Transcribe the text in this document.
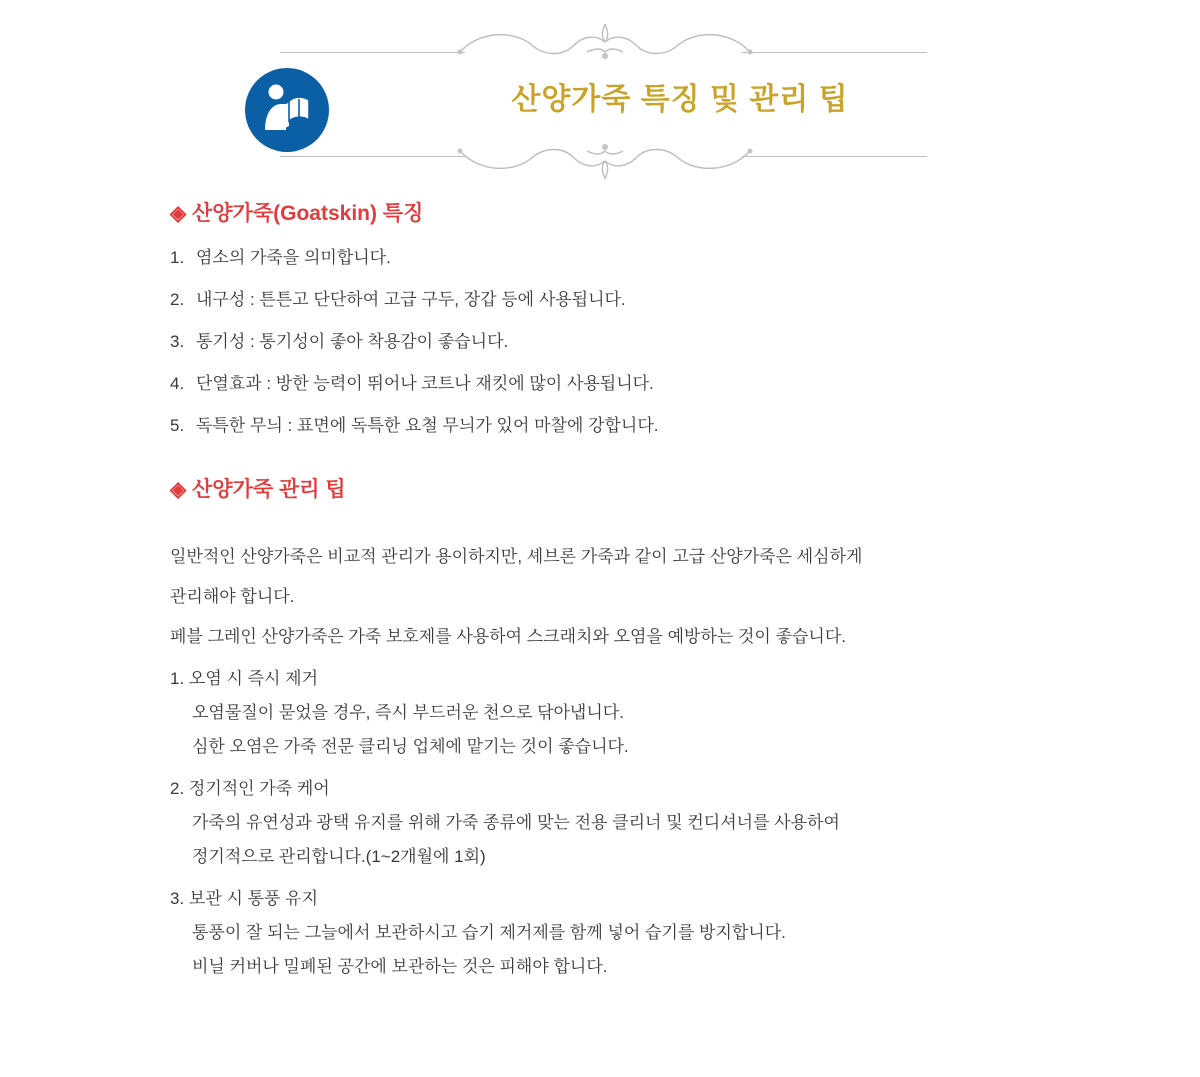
산양가죽 특징 및 관리 팁
◈ 산양가죽(Goatskin) 특징
1. 염소의 가죽을 의미합니다.
2. 내구성 : 튼튼고 단단하여 고급 구두, 장갑 등에 사용됩니다.
3. 통기성 : 통기성이 좋아 착용감이 좋습니다.
4. 단열효과 : 방한 능력이 뛰어나 코트나 재킷에 많이 사용됩니다.
5. 독특한 무늬 : 표면에 독특한 요철 무늬가 있어 마찰에 강합니다.
◈ 산양가죽 관리 팁

일반적인 산양가죽은 비교적 관리가 용이하지만, 셰브론 가죽과 같이 고급 산양가죽은 세심하게

관리해야 합니다.

페블 그레인 산양가죽은 가죽 보호제를 사용하여 스크래치와 오염을 예방하는 것이 좋습니다.

1. 오염 시 즉시 제거
오염물질이 묻었을 경우, 즉시 부드러운 천으로 닦아냅니다.
심한 오염은 가죽 전문 클리닝 업체에 맡기는 것이 좋습니다.
2. 정기적인 가죽 케어
가죽의 유연성과 광택 유지를 위해 가죽 종류에 맞는 전용 클리너 및 컨디셔너를 사용하여
정기적으로 관리합니다.(1~2개월에 1회)
3. 보관 시 통풍 유지
통풍이 잘 되는 그늘에서 보관하시고 습기 제거제를 함께 넣어 습기를 방지합니다.
비닐 커버나 밀폐된 공간에 보관하는 것은 피해야 합니다.
